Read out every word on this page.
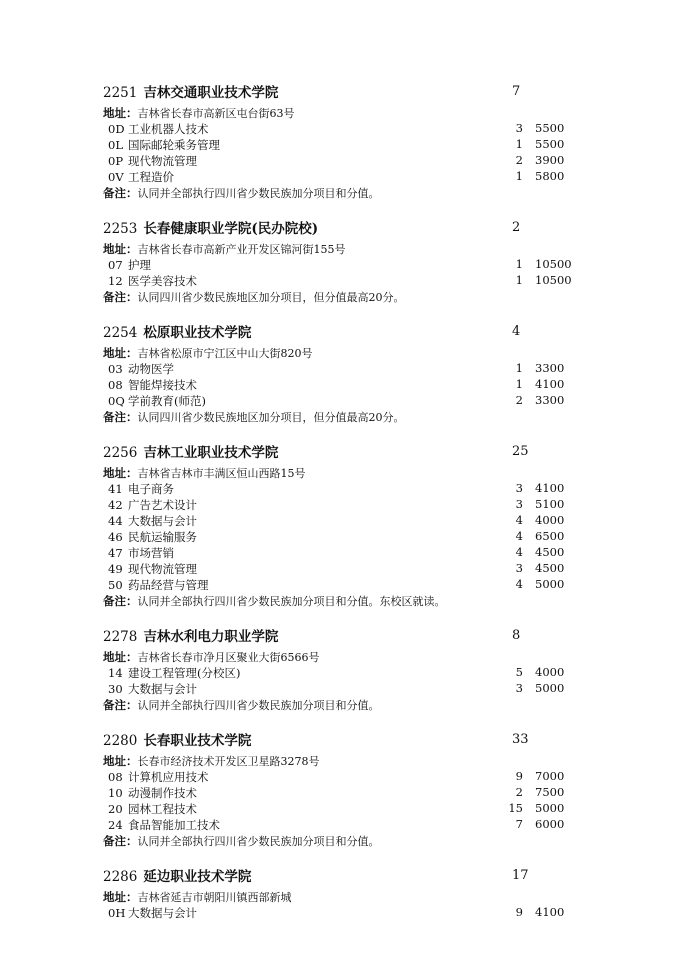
2251 吉林交通职业技术学院	7
地址：吉林省长春市高新区屯台街63号
0D 工业机器人技术	3 5500
0L 国际邮轮乘务管理	1 5500
0P 现代物流管理	2 3900
0V 工程造价	1 5800
备注：认同并全部执行四川省少数民族加分项目和分值。
2253 长春健康职业学院(民办院校)	2
地址：吉林省长春市高新产业开发区锦河街155号
07 护理	1 10500
12 医学美容技术	1 10500
备注：认同四川省少数民族地区加分项目，但分值最高20分。
2254 松原职业技术学院	4
地址：吉林省松原市宁江区中山大街820号
03 动物医学	1 3300
08 智能焊接技术	1 4100
0Q 学前教育(师范)	2 3300
备注：认同四川省少数民族地区加分项目，但分值最高20分。
2256 吉林工业职业技术学院	25
地址：吉林省吉林市丰满区恒山西路15号
41 电子商务	3 4100
42 广告艺术设计	3 5100
44 大数据与会计	4 4000
46 民航运输服务	4 6500
47 市场营销	4 4500
49 现代物流管理	3 4500
50 药品经营与管理	4 5000
备注：认同并全部执行四川省少数民族加分项目和分值。东校区就读。
2278 吉林水利电力职业学院	8
地址：吉林省长春市净月区聚业大街6566号
14 建设工程管理(分校区)	5 4000
30 大数据与会计	3 5000
备注：认同并全部执行四川省少数民族加分项目和分值。
2280 长春职业技术学院	33
地址：长春市经济技术开发区卫星路3278号
08 计算机应用技术	9 7000
10 动漫制作技术	2 7500
20 园林工程技术	15 5000
24 食品智能加工技术	7 6000
备注：认同并全部执行四川省少数民族加分项目和分值。
2286 延边职业技术学院	17
地址：吉林省延吉市朝阳川镇西部新城
0H 大数据与会计	9 4100
